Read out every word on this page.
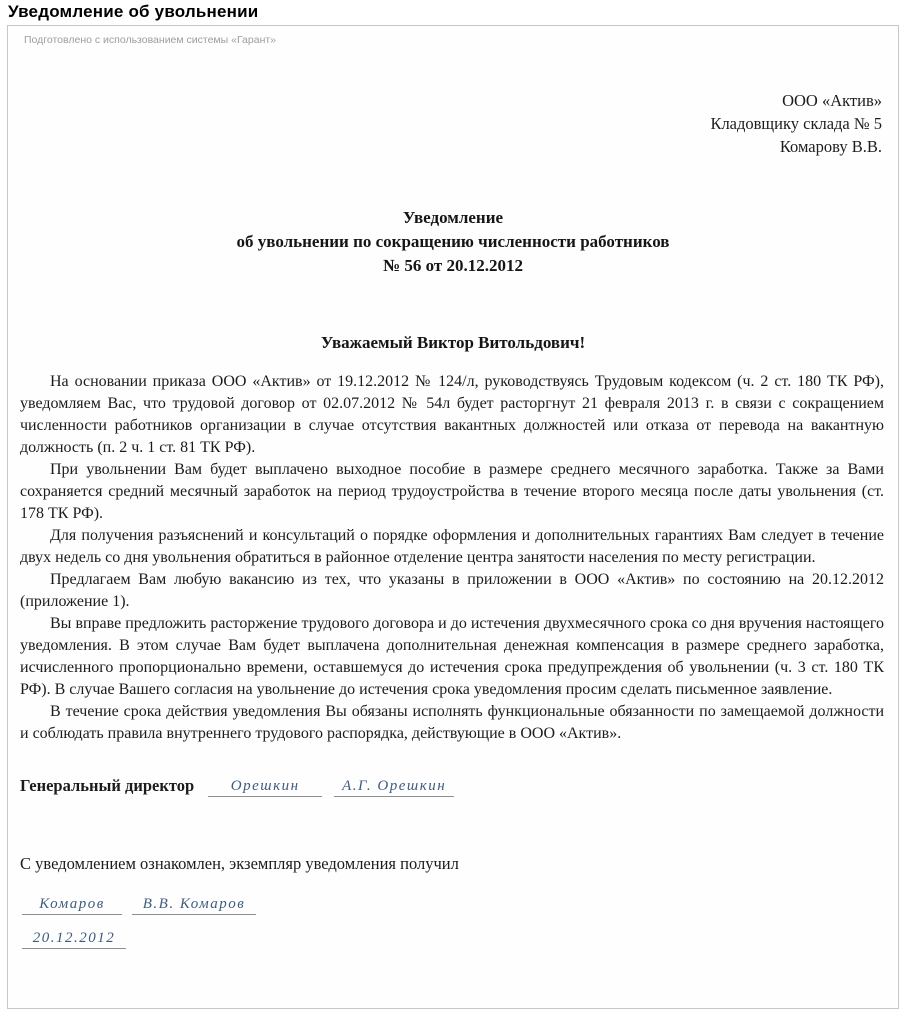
Уведомление об увольнении
Подготовлено с использованием системы «Гарант»
ООО «Актив»
Кладовщику склада № 5
Комарову В.В.
Уведомление
об увольнении по сокращению численности работников
№ 56 от 20.12.2012
Уважаемый Виктор Витольдович!

На основании приказа ООО «Актив» от 19.12.2012 № 124/л, руководствуясь Трудовым кодексом (ч. 2 ст. 180 ТК РФ), уведомляем Вас, что трудовой договор от 02.07.2012 № 54л будет расторгнут 21 февраля 2013 г. в связи с сокращением численности работников организации в случае отсутствия вакантных должностей или отказа от перевода на вакантную должность (п. 2 ч. 1 ст. 81 ТК РФ).

При увольнении Вам будет выплачено выходное пособие в размере среднего месячного заработка. Также за Вами сохраняется средний месячный заработок на период трудоустройства в течение второго месяца после даты увольнения (ст. 178 ТК РФ).

Для получения разъяснений и консультаций о порядке оформления и дополнительных гарантиях Вам следует в течение двух недель со дня увольнения обратиться в районное отделение центра занятости населения по месту регистрации.

Предлагаем Вам любую вакансию из тех, что указаны в приложении в ООО «Актив» по состоянию на 20.12.2012 (приложение 1).

Вы вправе предложить расторжение трудового договора и до истечения двухмесячного срока со дня вручения настоящего уведомления. В этом случае Вам будет выплачена дополнительная денежная компенсация в размере среднего заработка, исчисленного пропорционально времени, оставшемуся до истечения срока предупреждения об увольнении (ч. 3 ст. 180 ТК РФ). В случае Вашего согласия на увольнение до истечения срока уведомления просим сделать письменное заявление.

В течение срока действия уведомления Вы обязаны исполнять функциональные обязанности по замещаемой должности и соблюдать правила внутреннего трудового распорядка, действующие в ООО «Актив».

Генеральный директор	Орешкин	А.Г. Орешкин
С уведомлением ознакомлен, экземпляр уведомления получил
Комаров	В.В. Комаров
20.12.2012
